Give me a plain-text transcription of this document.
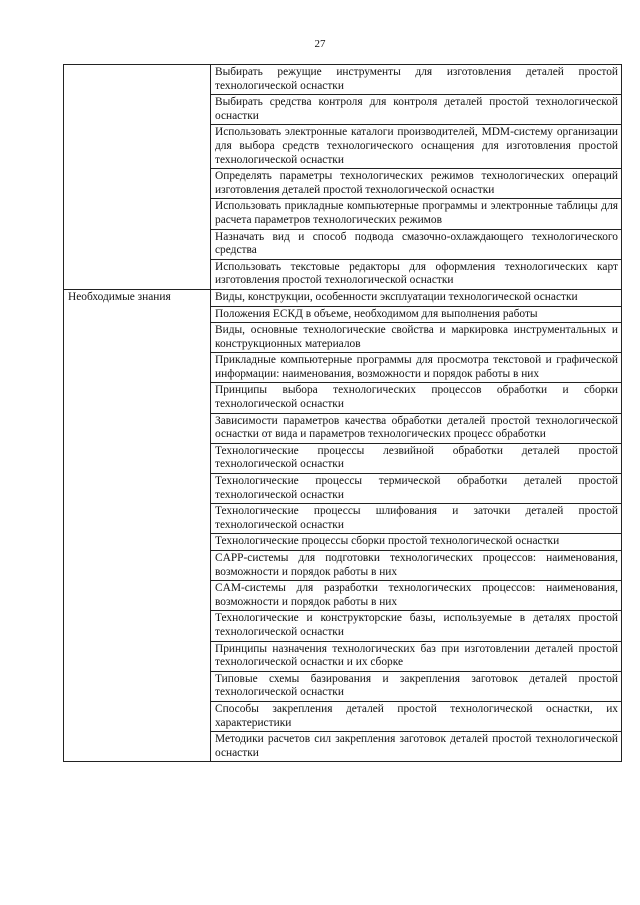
27

	Выбирать режущие инструменты для изготовления деталей простой технологической оснастки

	Выбирать средства контроля для контроля деталей простой технологической оснастки

	Использовать электронные каталоги производителей, MDM-систему организации для выбора средств технологического оснащения для изготовления простой технологической оснастки

	Определять параметры технологических режимов технологических операций изготовления деталей простой технологической оснастки

	Использовать прикладные компьютерные программы и электронные таблицы для расчета параметров технологических режимов

	Назначать вид и способ подвода смазочно-охлаждающего технологического средства

	Использовать текстовые редакторы для оформления технологических карт изготовления простой технологической оснастки

Необходимые знания	Виды, конструкции, особенности эксплуатации технологической оснастки

	Положения ЕСКД в объеме, необходимом для выполнения работы

	Виды, основные технологические свойства и маркировка инструментальных и конструкционных материалов

	Прикладные компьютерные программы для просмотра текстовой и графической информации: наименования, возможности и порядок работы в них

	Принципы выбора технологических процессов обработки и сборки технологической оснастки

	Зависимости параметров качества обработки деталей простой технологической оснастки от вида и параметров технологических процесс обработки

	Технологические процессы лезвийной обработки деталей простой технологической оснастки

	Технологические процессы термической обработки деталей простой технологической оснастки

	Технологические процессы шлифования и заточки деталей простой технологической оснастки

	Технологические процессы сборки простой технологической оснастки

	CAPP-системы для подготовки технологических процессов: наименования, возможности и порядок работы в них

	CAM-системы для разработки технологических процессов: наименования, возможности и порядок работы в них

	Технологические и конструкторские базы, используемые в деталях простой технологической оснастки

	Принципы назначения технологических баз при изготовлении деталей простой технологической оснастки и их сборке

	Типовые схемы базирования и закрепления заготовок деталей простой технологической оснастки

	Способы закрепления деталей простой технологической оснастки, их характеристики

	Методики расчетов сил закрепления заготовок деталей простой технологической оснастки
